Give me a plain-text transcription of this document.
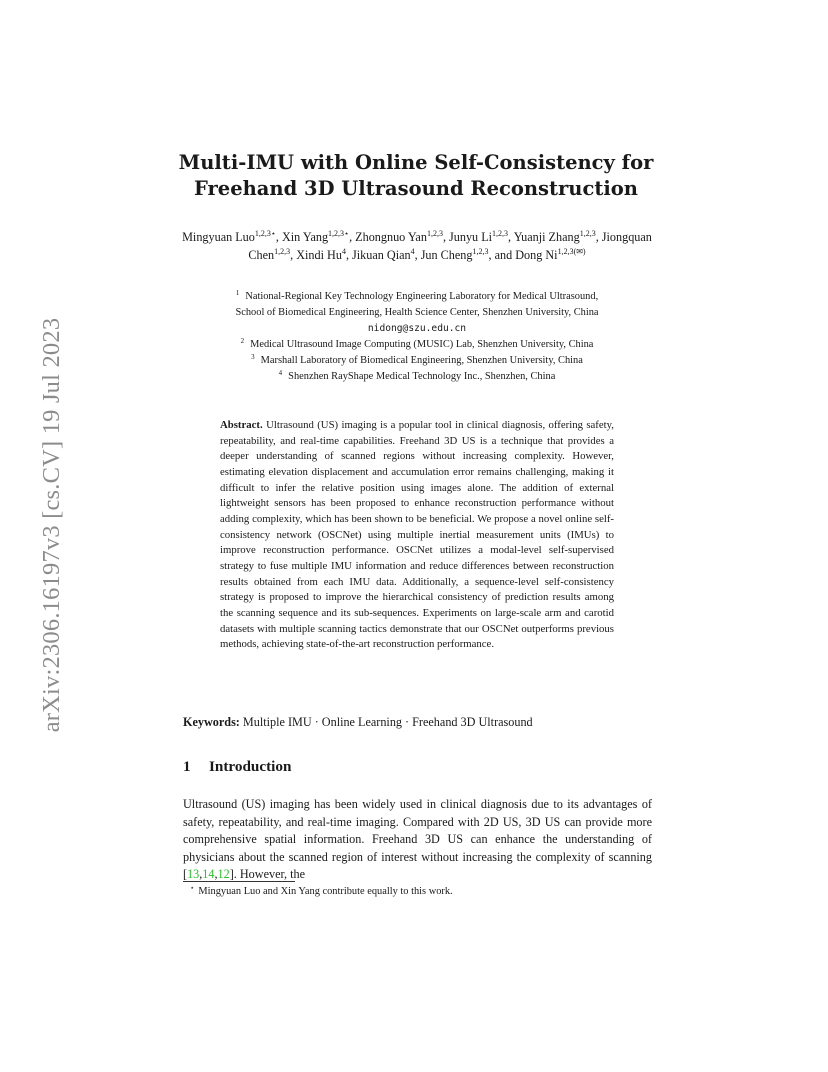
arXiv:2306.16197v3 [cs.CV] 19 Jul 2023
Multi-IMU with Online Self-Consistency for
Freehand 3D Ultrasound Reconstruction
Mingyuan Luo$^{1,2,3⋆}$, Xin Yang$^{1,2,3⋆}$, Zhongnuo Yan$^{1,2,3}$, Junyu Li$^{1,2,3}$, Yuanji Zhang$^{1,2,3}$, Jiongquan Chen$^{1,2,3}$, Xindi Hu$^4$, Jikuan Qian$^4$, Jun Cheng$^{1,2,3}$, and Dong $Ni^{1,2,3(✉)}$
$^1$ National-Regional Key Technology Engineering Laboratory for Medical Ultrasound,
School of Biomedical Engineering, Health Science Center, Shenzhen University, China
nidong@szu.edu.cn
$^2$ Medical Ultrasound Image Computing (MUSIC) Lab, Shenzhen University, China
$^3$ Marshall Laboratory of Biomedical Engineering, Shenzhen University, China
$^4$ Shenzhen RayShape Medical Technology Inc., Shenzhen, China
Abstract. Ultrasound (US) imaging is a popular tool in clinical diagnosis, offering safety, repeatability, and real-time capabilities. Freehand 3D US is a technique that provides a deeper understanding of scanned regions without increasing complexity. However, estimating elevation displacement and accumulation error remains challenging, making it difficult to infer the relative position using images alone. The addition of external lightweight sensors has been proposed to enhance reconstruction performance without adding complexity, which has been shown to be beneficial. We propose a novel online self-consistency network (OSCNet) using multiple inertial measurement units (IMUs) to improve reconstruction performance. OSCNet utilizes a modal-level self-supervised strategy to fuse multiple IMU information and reduce differences between reconstruction results obtained from each IMU data. Additionally, a sequence-level self-consistency strategy is proposed to improve the hierarchical consistency of prediction results among the scanning sequence and its sub-sequences. Experiments on large-scale arm and carotid datasets with multiple scanning tactics demonstrate that our OSCNet outperforms previous methods, achieving state-of-the-art reconstruction performance.
Keywords: Multiple IMU · Online Learning · Freehand 3D Ultrasound
1 Introduction
Ultrasound (US) imaging has been widely used in clinical diagnosis due to its advantages of safety, repeatability, and real-time imaging. Compared with 2D US, 3D US can provide more comprehensive spatial information. Freehand 3D US can enhance the understanding of physicians about the scanned region of interest without increasing the complexity of scanning [13,14,12]. However, the
⋆ Mingyuan Luo and Xin Yang contribute equally to this work.
